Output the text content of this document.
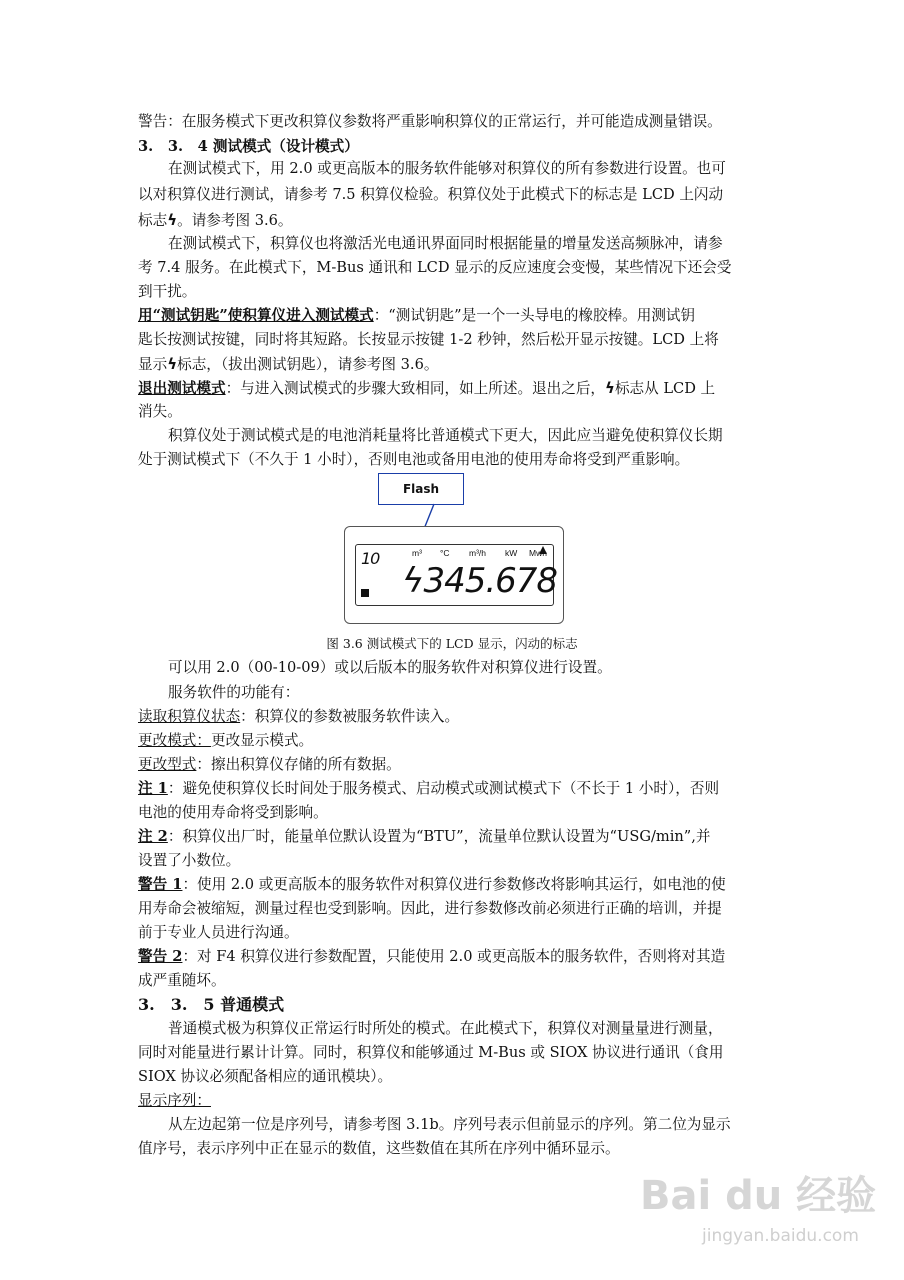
警告：在服务模式下更改积算仪参数将严重影响积算仪的正常运行，并可能造成测量错误。
3.　3.　4 测试模式（设计模式）
在测试模式下，用 2.0 或更高版本的服务软件能够对积算仪的所有参数进行设置。也可
以对积算仪进行测试，请参考 7.5 积算仪检验。积算仪处于此模式下的标志是 LCD 上闪动
标志ϟ。请参考图 3.6。
在测试模式下，积算仪也将激活光电通讯界面同时根据能量的增量发送高频脉冲，请参
考 7.4 服务。在此模式下，M-Bus 通讯和 LCD 显示的反应速度会变慢，某些情况下还会受
到干扰。
用“测试钥匙”使积算仪进入测试模式：“测试钥匙”是一个一头导电的橡胶棒。用测试钥
匙长按测试按键，同时将其短路。长按显示按键 1-2 秒钟，然后松开显示按键。LCD 上将
显示ϟ标志，（拔出测试钥匙），请参考图 3.6。
退出测试模式：与进入测试模式的步骤大致相同，如上所述。退出之后，ϟ标志从 LCD 上
消失。
积算仪处于测试模式是的电池消耗量将比普通模式下更大，因此应当避免使积算仪长期
处于测试模式下（不久于 1 小时），否则电池或备用电池的使用寿命将受到严重影响。
Flash
m³ °C m³/h kW Mwh
10
ϟ345.678
图 3.6 测试模式下的 LCD 显示，闪动的标志
可以用 2.0（00-10-09）或以后版本的服务软件对积算仪进行设置。
服务软件的功能有：
读取积算仪状态：积算仪的参数被服务软件读入。
更改模式：更改显示模式。
更改型式：擦出积算仪存储的所有数据。
注 1：避免使积算仪长时间处于服务模式、启动模式或测试模式下（不长于 1 小时），否则
电池的使用寿命将受到影响。
注 2：积算仪出厂时，能量单位默认设置为“BTU”，流量单位默认设置为“USG/min”,并
设置了小数位。
警告 1：使用 2.0 或更高版本的服务软件对积算仪进行参数修改将影响其运行，如电池的使
用寿命会被缩短，测量过程也受到影响。因此，进行参数修改前必须进行正确的培训，并提
前于专业人员进行沟通。
警告 2：对 F4 积算仪进行参数配置，只能使用 2.0 或更高版本的服务软件，否则将对其造
成严重随坏。
3.　3.　5 普通模式
普通模式极为积算仪正常运行时所处的模式。在此模式下，积算仪对测量量进行测量，
同时对能量进行累计计算。同时，积算仪和能够通过 M-Bus 或 SIOX 协议进行通讯（食用
SIOX 协议必须配备相应的通讯模块）。
显示序列：
从左边起第一位是序列号，请参考图 3.1b。序列号表示但前显示的序列。第二位为显示
值序号，表示序列中正在显示的数值，这些数值在其所在序列中循环显示。
Bai du 经验
jingyan.baidu.com
